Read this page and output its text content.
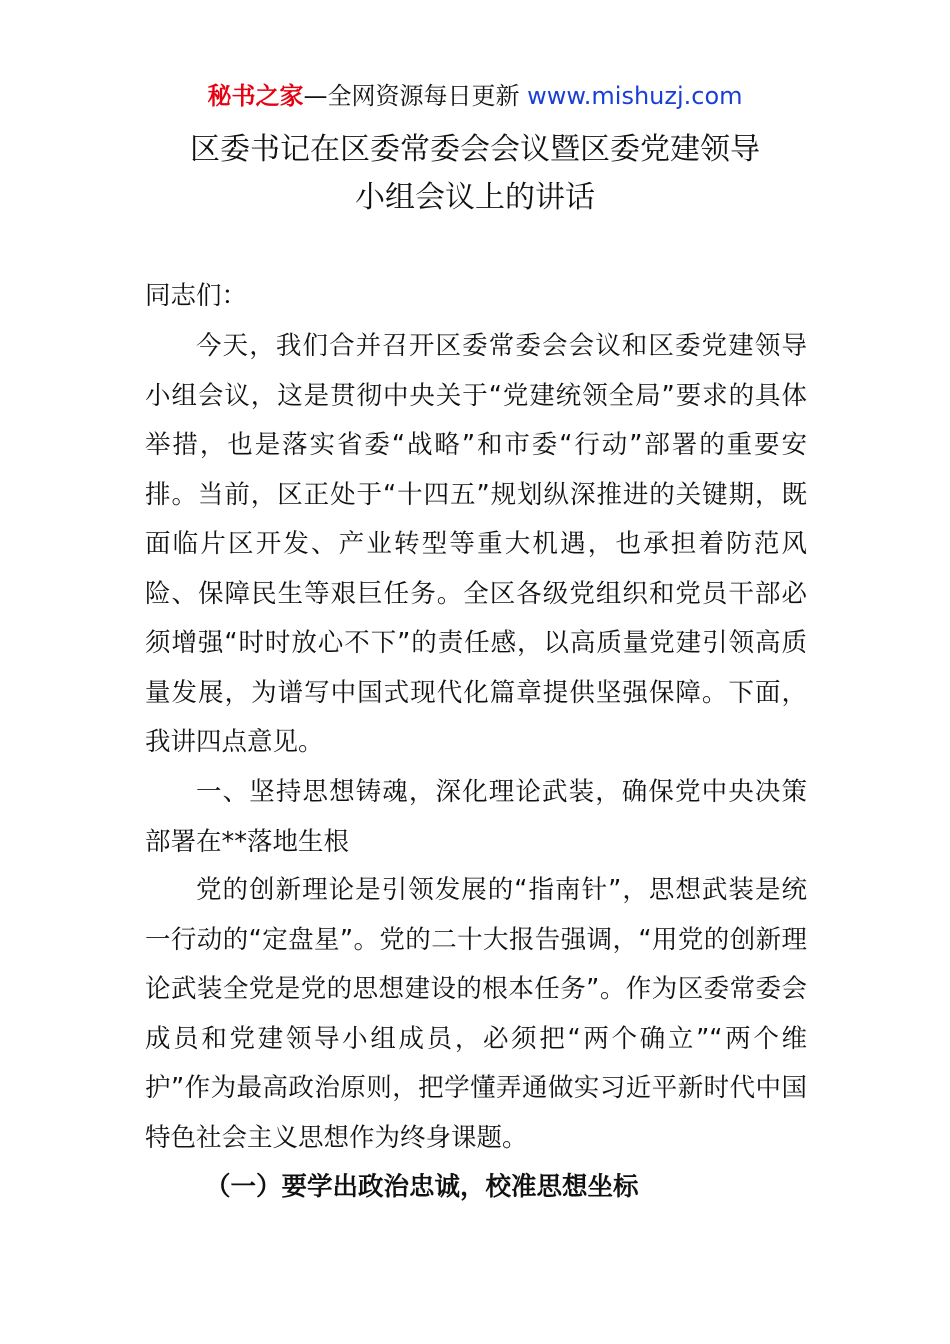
秘书之家—全网资源每日更新 www.mishuzj.com
区委书记在区委常委会会议暨区委党建领导
小组会议上的讲话

同志们：

今天，我们合并召开区委常委会会议和区委党建领导小组会议，这是贯彻中央关于“党建统领全局”要求的具体举措，也是落实省委“战略”和市委“行动”部署的重要安排。当前，区正处于“十四五”规划纵深推进的关键期，既面临片区开发、产业转型等重大机遇，也承担着防范风险、保障民生等艰巨任务。全区各级党组织和党员干部必须增强“时时放心不下”的责任感，以高质量党建引领高质量发展，为谱写中国式现代化篇章提供坚强保障。下面，我讲四点意见。

一、坚持思想铸魂，深化理论武装，确保党中央决策部署在**落地生根

党的创新理论是引领发展的“指南针”，思想武装是统一行动的“定盘星”。党的二十大报告强调，“用党的创新理论武装全党是党的思想建设的根本任务”。作为区委常委会成员和党建领导小组成员，必须把“两个确立”“两个维护”作为最高政治原则，把学懂弄通做实习近平新时代中国特色社会主义思想作为终身课题。

（一）要学出政治忠诚，校准思想坐标
